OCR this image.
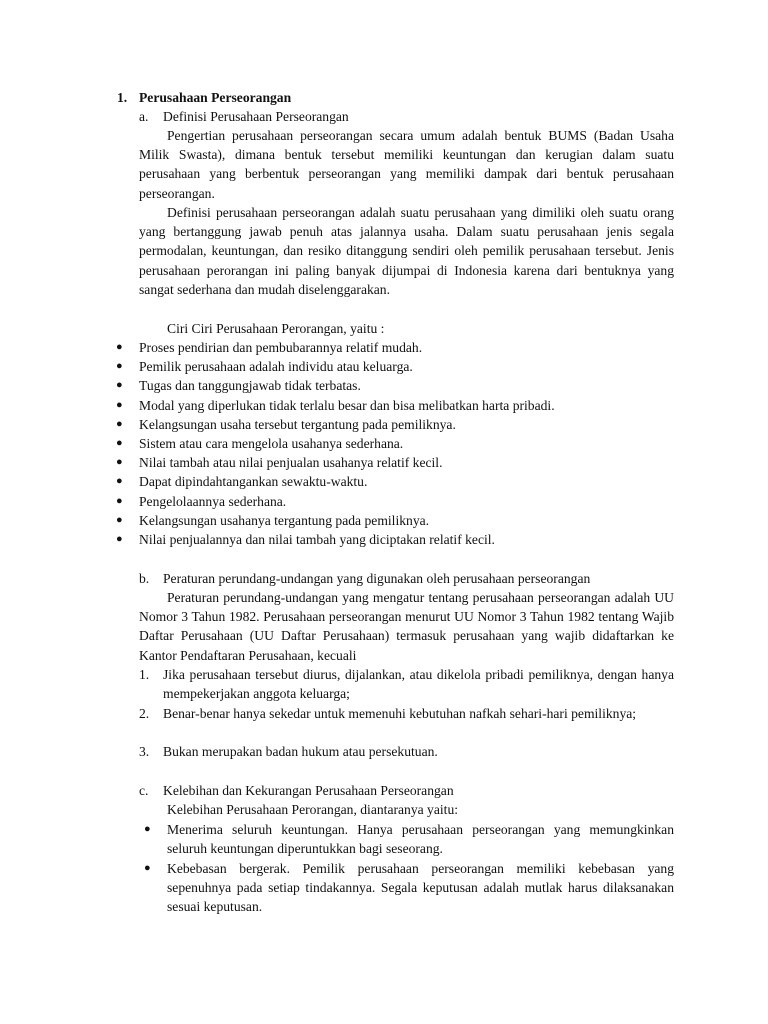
1. Perusahaan Perseorangan
a. Definisi Perusahaan Perseorangan

Pengertian perusahaan perseorangan secara umum adalah bentuk BUMS (Badan Usaha Milik Swasta), dimana bentuk tersebut memiliki keuntungan dan kerugian dalam suatu perusahaan yang berbentuk perseorangan yang memiliki dampak dari bentuk perusahaan perseorangan.

Definisi perusahaan perseorangan adalah suatu perusahaan yang dimiliki oleh suatu orang yang bertanggung jawab penuh atas jalannya usaha. Dalam suatu perusahaan jenis segala permodalan, keuntungan, dan resiko ditanggung sendiri oleh pemilik perusahaan tersebut. Jenis perusahaan perorangan ini paling banyak dijumpai di Indonesia karena dari bentuknya yang sangat sederhana dan mudah diselenggarakan.

Ciri Ciri Perusahaan Perorangan, yaitu :
● Proses pendirian dan pembubarannya relatif mudah.
● Pemilik perusahaan adalah individu atau keluarga.
● Tugas dan tanggungjawab tidak terbatas.
● Modal yang diperlukan tidak terlalu besar dan bisa melibatkan harta pribadi.
● Kelangsungan usaha tersebut tergantung pada pemiliknya.
● Sistem atau cara mengelola usahanya sederhana.
● Nilai tambah atau nilai penjualan usahanya relatif kecil.
● Dapat dipindahtangankan sewaktu-waktu.
● Pengelolaannya sederhana.
● Kelangsungan usahanya tergantung pada pemiliknya.
● Nilai penjualannya dan nilai tambah yang diciptakan relatif kecil.
b. Peraturan perundang-undangan yang digunakan oleh perusahaan perseorangan

Peraturan perundang-undangan yang mengatur tentang perusahaan perseorangan adalah UU Nomor 3 Tahun 1982. Perusahaan perseorangan menurut UU Nomor 3 Tahun 1982 tentang Wajib Daftar Perusahaan (UU Daftar Perusahaan) termasuk perusahaan yang wajib didaftarkan ke Kantor Pendaftaran Perusahaan, kecuali

1. Jika perusahaan tersebut diurus, dijalankan, atau dikelola pribadi pemiliknya, dengan hanya mempekerjakan anggota keluarga;
2. Benar-benar hanya sekedar untuk memenuhi kebutuhan nafkah sehari-hari pemiliknya;
3. Bukan merupakan badan hukum atau persekutuan.
c. Kelebihan dan Kekurangan Perusahaan Perseorangan
Kelebihan Perusahaan Perorangan, diantaranya yaitu:
● Menerima seluruh keuntungan. Hanya perusahaan perseorangan yang memungkinkan seluruh keuntungan diperuntukkan bagi seseorang.
● Kebebasan bergerak. Pemilik perusahaan perseorangan memiliki kebebasan yang sepenuhnya pada setiap tindakannya. Segala keputusan adalah mutlak harus dilaksanakan sesuai keputusan.
